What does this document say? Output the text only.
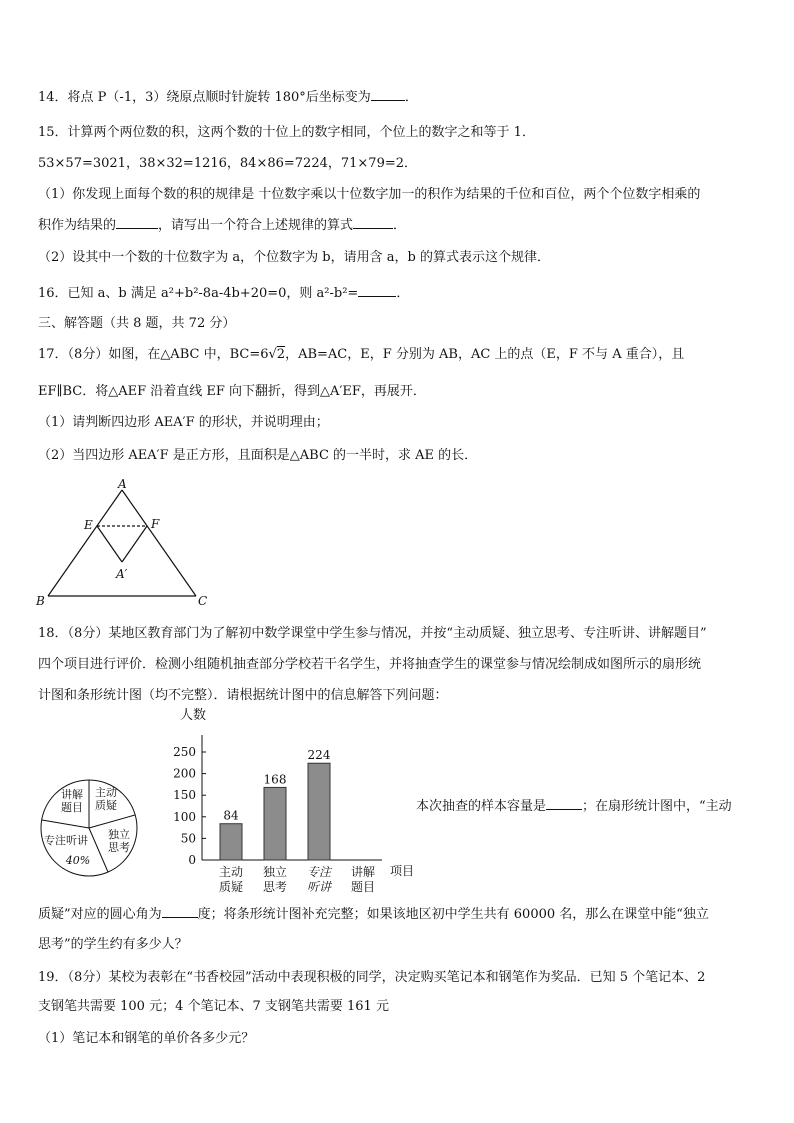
14．将点 P（-1，3）绕原点顺时针旋转 180°后坐标变为	．
15．计算两个两位数的积，这两个数的十位上的数字相同，个位上的数字之和等于 1．
53×57=3021，38×32=1216，84×86=7224，71×79=2．
（1）你发现上面每个数的积的规律是 十位数字乘以十位数字加一的积作为结果的千位和百位，两个个位数字相乘的
积作为结果的	，请写出一个符合上述规律的算式	．
（2）设其中一个数的十位数字为 a，个位数字为 b，请用含 a，b 的算式表示这个规律．
16．已知 a、b 满足 a²+b²-8a-4b+20=0，则 a²-b²=	．
三、解答题（共 8 题，共 72 分）
17．（8分）如图，在△ABC 中，BC=6√2，AB=AC，E，F 分别为 AB，AC 上的点（E，F 不与 A 重合），且
EF∥BC．将△AEF 沿着直线 EF 向下翻折，得到△A′EF，再展开．
（1）请判断四边形 AEA′F 的形状，并说明理由；
（2）当四边形 AEA′F 是正方形，且面积是△ABC 的一半时，求 AE 的长．
A
E	F
A′
B	C
18．（8分）某地区教育部门为了解初中数学课堂中学生参与情况，并按“主动质疑、独立思考、专注听讲、讲解题目”
四个项目进行评价．检测小组随机抽查部分学校若干名学生，并将抽查学生的课堂参与情况绘制成如图所示的扇形统
计图和条形统计图（均不完整）．请根据统计图中的信息解答下列问题：
讲解
题目
主动
质疑
独立
思考
专注听讲
40%
人数
0
50
100
150
200
250
84
主动
质疑
168
独立
思考
224
专注
听讲
讲解
题目
项目
本次抽查的样本容量是	；在扇形统计图中，“主动
质疑”对应的圆心角为	度；将条形统计图补充完整；如果该地区初中学生共有 60000 名，那么在课堂中能“独立
思考”的学生约有多少人？
19．（8分）某校为表彰在“书香校园”活动中表现积极的同学，决定购买笔记本和钢笔作为奖品．已知 5 个笔记本、2
支钢笔共需要 100 元；4 个笔记本、7 支钢笔共需要 161 元
（1）笔记本和钢笔的单价各多少元？
